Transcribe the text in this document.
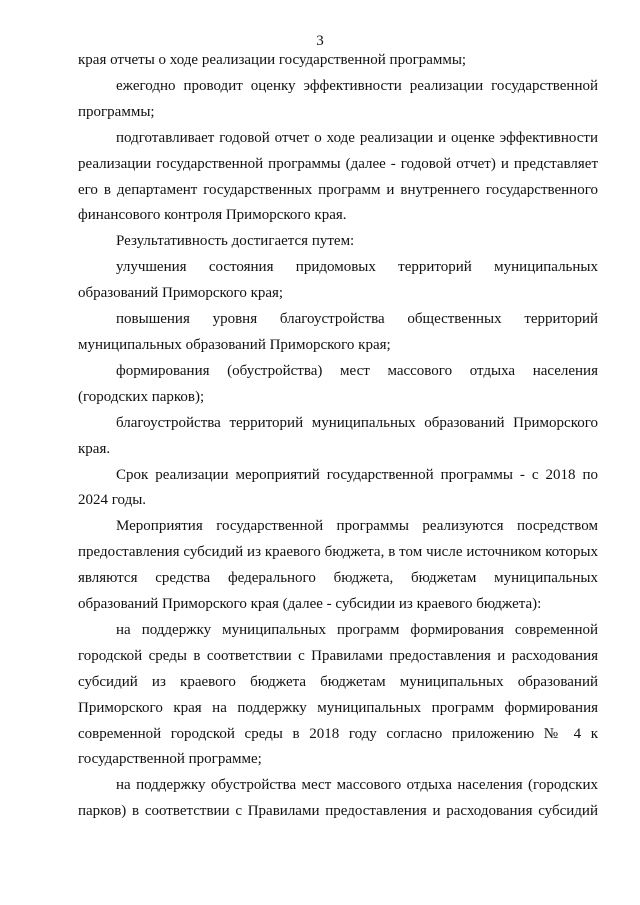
3

края отчеты о ходе реализации государственной программы;

ежегодно проводит оценку эффективности реализации государственной программы;

подготавливает годовой отчет о ходе реализации и оценке эффективности реализации государственной программы (далее - годовой отчет) и представляет его в департамент государственных программ и внутреннего государственного финансового контроля Приморского края.

Результативность достигается путем:

улучшения состояния придомовых территорий муниципальных образований Приморского края;

повышения уровня благоустройства общественных территорий муниципальных образований Приморского края;

формирования (обустройства) мест массового отдыха населения (городских парков);

благоустройства территорий муниципальных образований Приморского края.

Срок реализации мероприятий государственной программы - с 2018 по 2024 годы.

Мероприятия государственной программы реализуются посредством предоставления субсидий из краевого бюджета, в том числе источником которых являются средства федерального бюджета, бюджетам муниципальных образований Приморского края (далее - субсидии из краевого бюджета):

на поддержку муниципальных программ формирования современной городской среды в соответствии с Правилами предоставления и расходования субсидий из краевого бюджета бюджетам муниципальных образований Приморского края на поддержку муниципальных программ формирования современной городской среды в 2018 году согласно приложению № 4 к государственной программе;

на поддержку обустройства мест массового отдыха населения (городских парков) в соответствии с Правилами предоставления и расходования субсидий
